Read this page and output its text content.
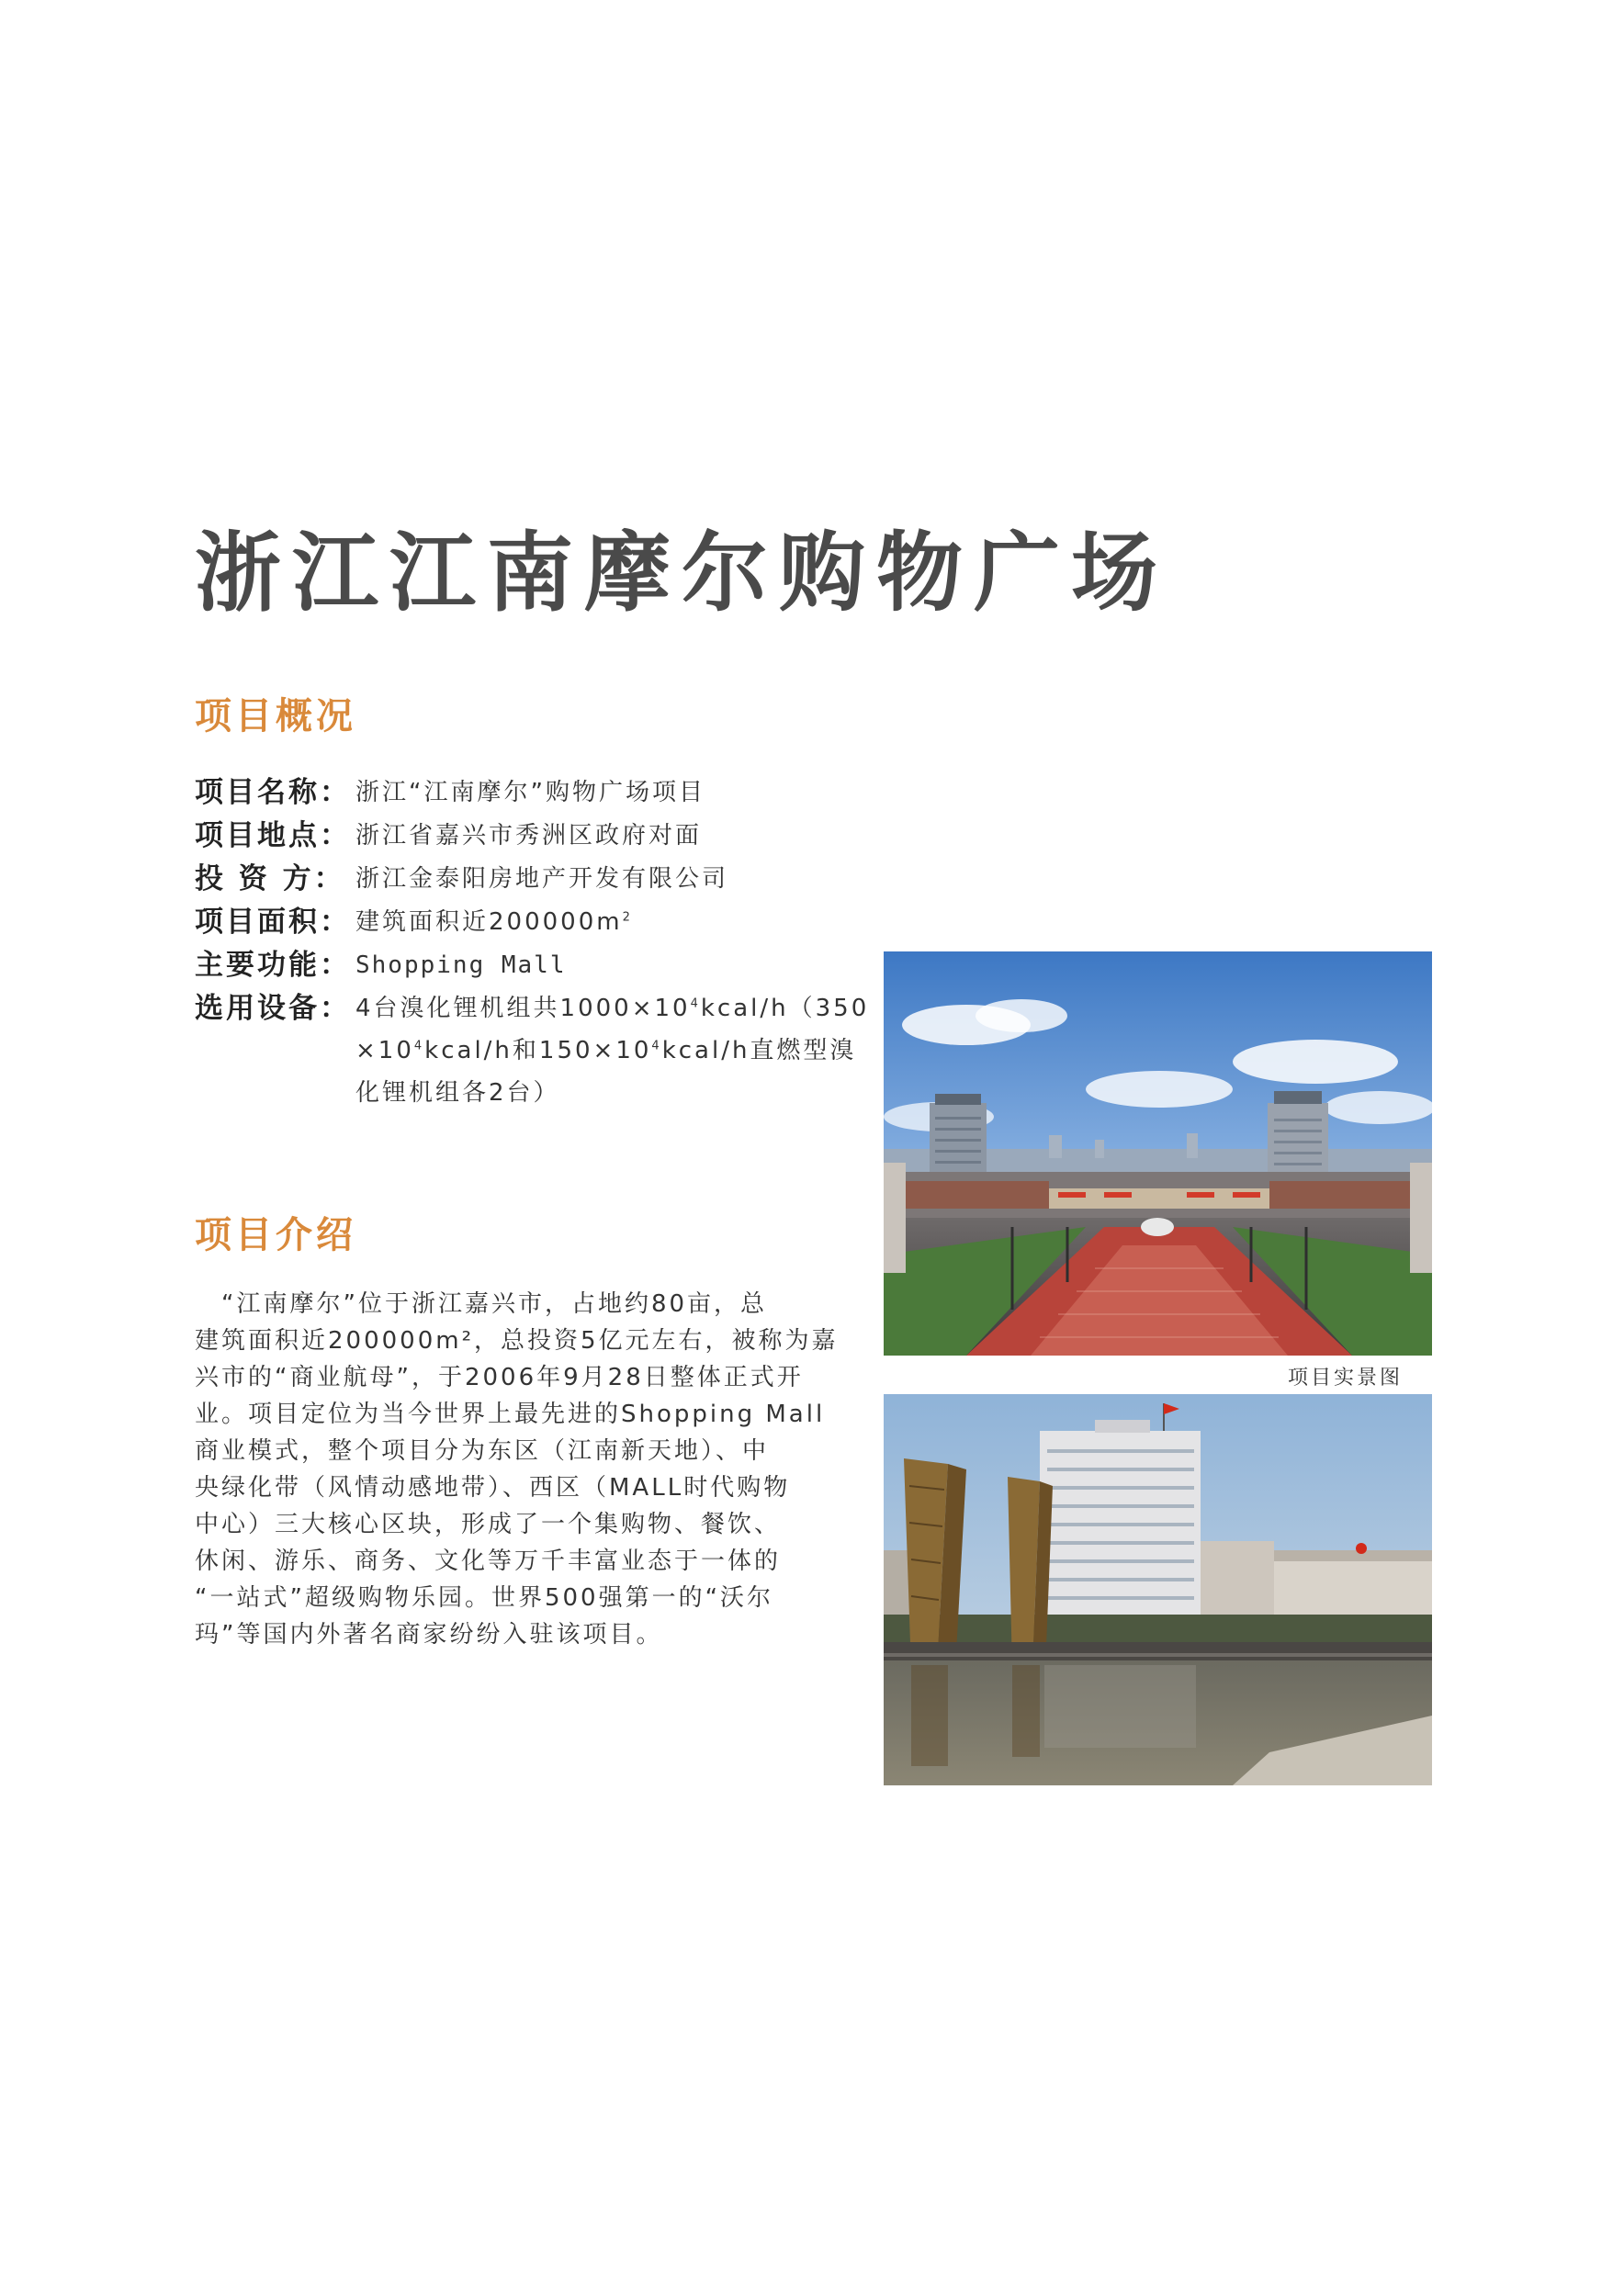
浙江江南摩尔购物广场
项目概况
项目名称： 浙江“江南摩尔”购物广场项目
项目地点： 浙江省嘉兴市秀洲区政府对面
投 资 方： 浙江金泰阳房地产开发有限公司
项目面积： 建筑面积近$200000m^2$
主要功能： Shopping Mall
选用设备： 4台溴化锂机组共$1000\times 10^4kcal/h(350$
$\times 10^4kcal/h$和$150\times 10^4kcal/h$直燃型溴
化锂机组各2台）
项目介绍
　“江南摩尔”位于浙江嘉兴市，占地约80亩，总
建筑面积近200000m²，总投资5亿元左右，被称为嘉
兴市的“商业航母”，于2006年9月28日整体正式开
业。项目定位为当今世界上最先进的Shopping Mall
商业模式，整个项目分为东区（江南新天地）、中
央绿化带（风情动感地带）、西区（MALL时代购物
中心）三大核心区块，形成了一个集购物、餐饮、
休闲、游乐、商务、文化等万千丰富业态于一体的
“一站式”超级购物乐园。世界500强第一的“沃尔
玛”等国内外著名商家纷纷入驻该项目。
项目实景图
